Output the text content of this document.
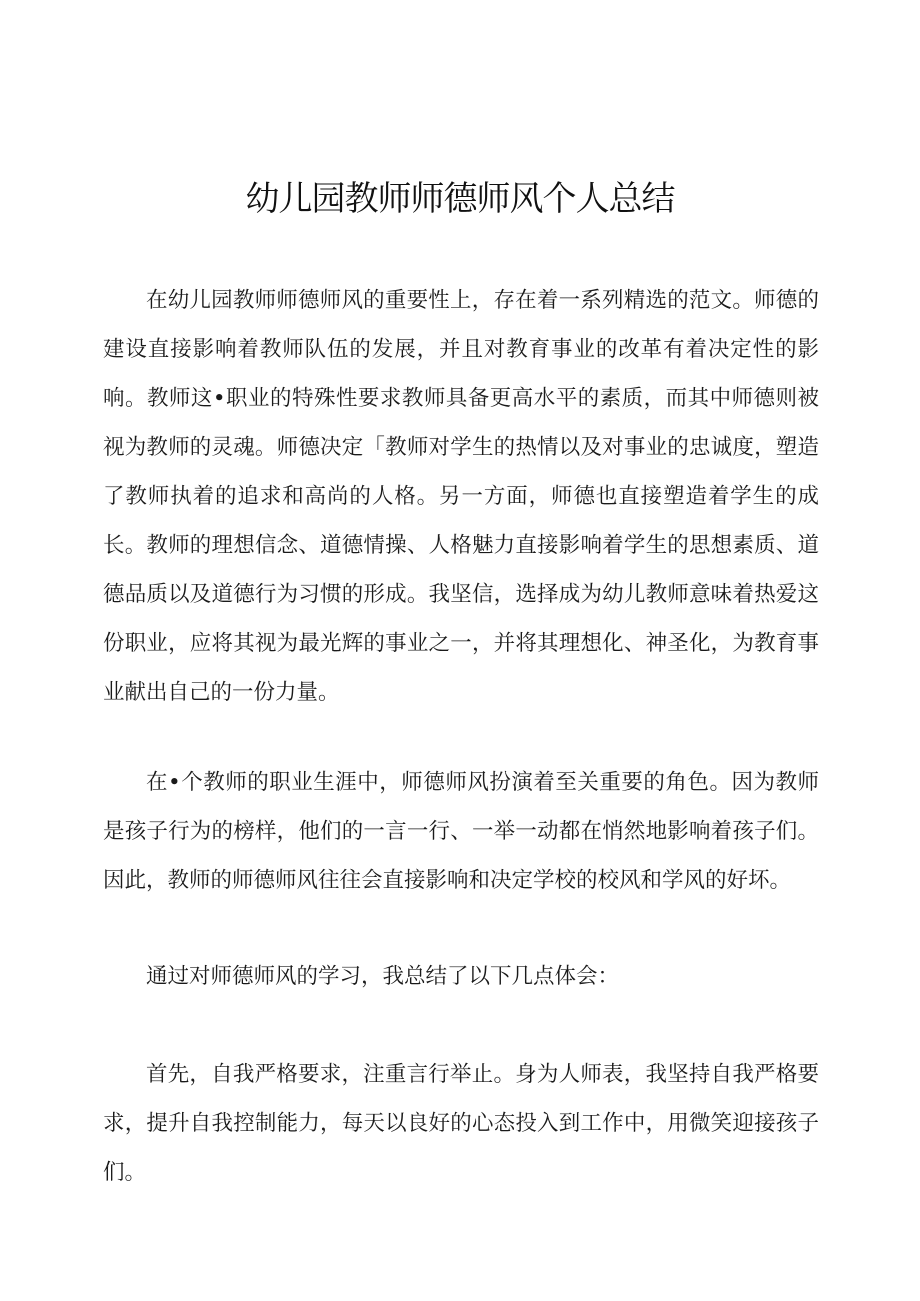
幼儿园教师师德师风个人总结

在幼儿园教师师德师风的重要性上，存在着一系列精选的范文。师德的建设直接影响着教师队伍的发展，并且对教育事业的改革有着决定性的影响。教师这•职业的特殊性要求教师具备更高水平的素质，而其中师德则被视为教师的灵魂。师德决定「教师对学生的热情以及对事业的忠诚度，塑造了教师执着的追求和高尚的人格。另一方面，师德也直接塑造着学生的成长。教师的理想信念、道德情操、人格魅力直接影响着学生的思想素质、道德品质以及道德行为习惯的形成。我坚信，选择成为幼儿教师意味着热爱这份职业，应将其视为最光辉的事业之一，并将其理想化、神圣化，为教育事业献出自己的一份力量。

在•个教师的职业生涯中，师德师风扮演着至关重要的角色。因为教师是孩子行为的榜样，他们的一言一行、一举一动都在悄然地影响着孩子们。因此，教师的师德师风往往会直接影响和决定学校的校风和学风的好坏。

通过对师德师风的学习，我总结了以下几点体会：

首先，自我严格要求，注重言行举止。身为人师表，我坚持自我严格要求，提升自我控制能力，每天以良好的心态投入到工作中，用微笑迎接孩子们。
